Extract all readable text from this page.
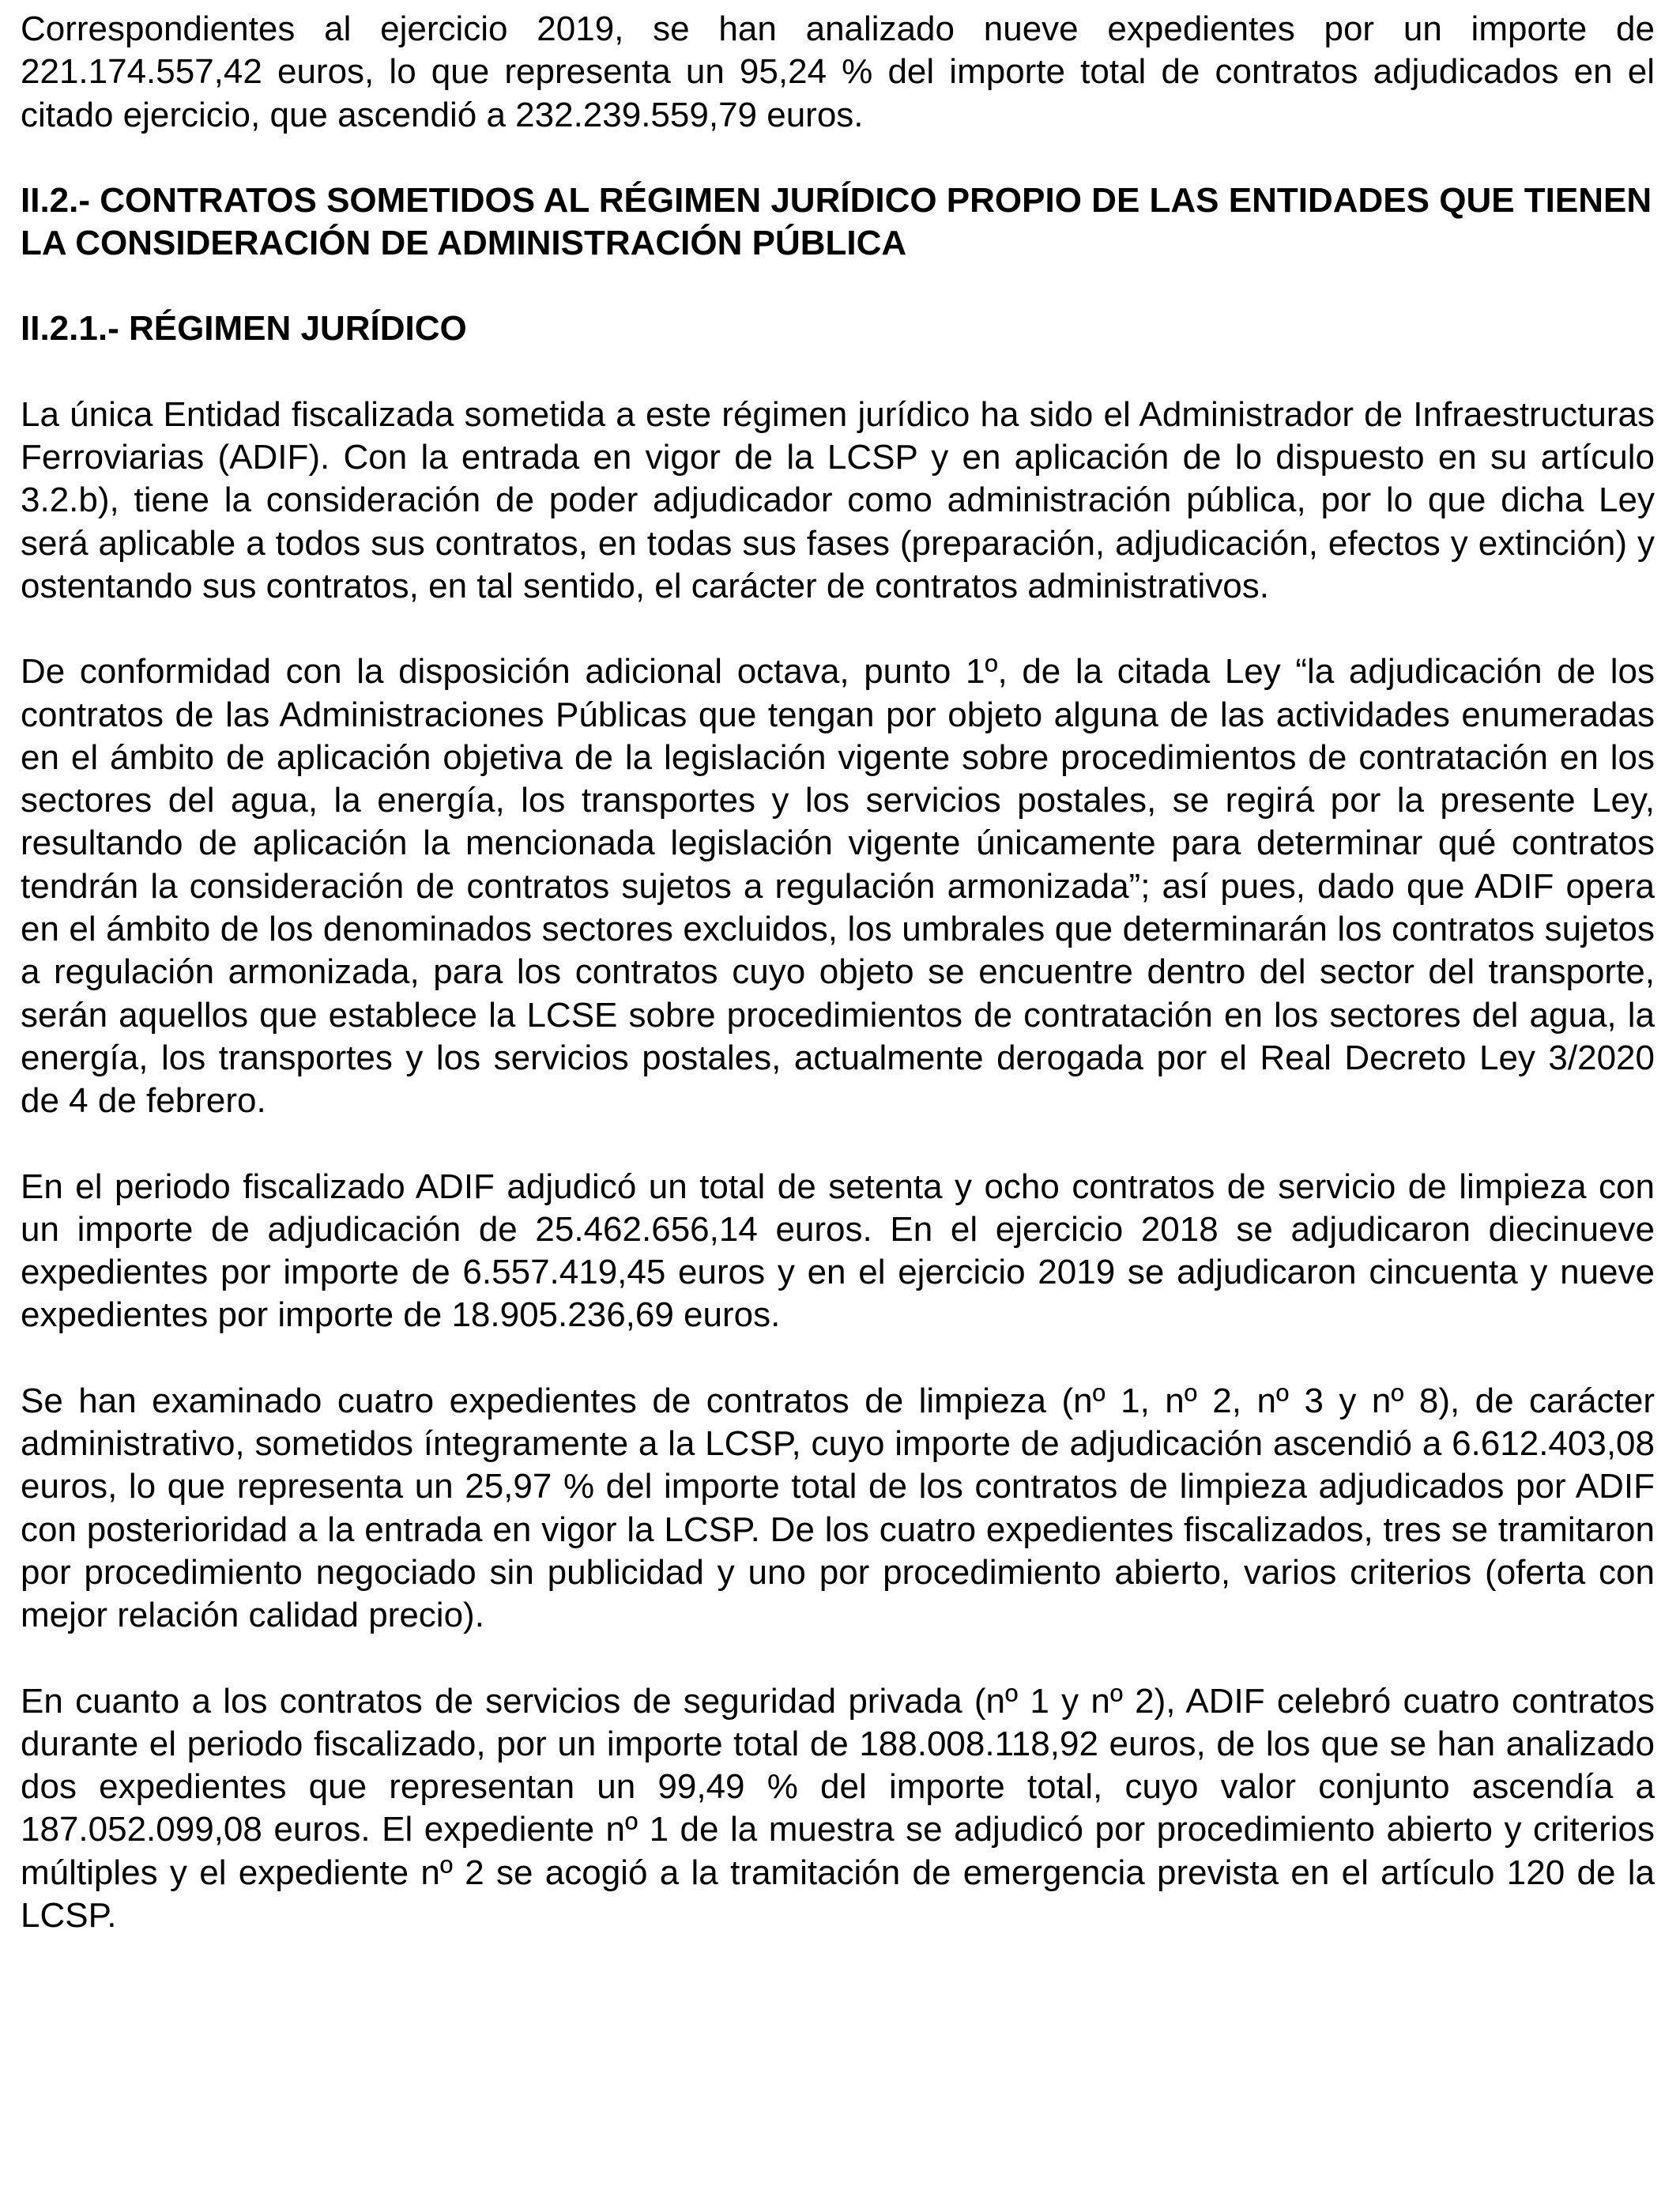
Correspondientes al ejercicio 2019, se han analizado nueve expedientes por un importe de 221.174.557,42 euros, lo que representa un 95,24 % del importe total de contratos adjudicados en el citado ejercicio, que ascendió a 232.239.559,79 euros.

II.2.- CONTRATOS SOMETIDOS AL RÉGIMEN JURÍDICO PROPIO DE LAS ENTIDADES QUE TIENEN LA CONSIDERACIÓN DE ADMINISTRACIÓN PÚBLICA

II.2.1.- RÉGIMEN JURÍDICO

La única Entidad fiscalizada sometida a este régimen jurídico ha sido el Administrador de Infraestructuras Ferroviarias (ADIF). Con la entrada en vigor de la LCSP y en aplicación de lo dispuesto en su artículo 3.2.b), tiene la consideración de poder adjudicador como administración pública, por lo que dicha Ley será aplicable a todos sus contratos, en todas sus fases (preparación, adjudicación, efectos y extinción) y ostentando sus contratos, en tal sentido, el carácter de contratos administrativos.

De conformidad con la disposición adicional octava, punto 1º, de la citada Ley “la adjudicación de los contratos de las Administraciones Públicas que tengan por objeto alguna de las actividades enumeradas en el ámbito de aplicación objetiva de la legislación vigente sobre procedimientos de contratación en los sectores del agua, la energía, los transportes y los servicios postales, se regirá por la presente Ley, resultando de aplicación la mencionada legislación vigente únicamente para determinar qué contratos tendrán la consideración de contratos sujetos a regulación armonizada”; así pues, dado que ADIF opera en el ámbito de los denominados sectores excluidos, los umbrales que determinarán los contratos sujetos a regulación armonizada, para los contratos cuyo objeto se encuentre dentro del sector del transporte, serán aquellos que establece la LCSE sobre procedimientos de contratación en los sectores del agua, la energía, los transportes y los servicios postales, actualmente derogada por el Real Decreto Ley 3/2020 de 4 de febrero.

En el periodo fiscalizado ADIF adjudicó un total de setenta y ocho contratos de servicio de limpieza con un importe de adjudicación de 25.462.656,14 euros. En el ejercicio 2018 se adjudicaron diecinueve expedientes por importe de 6.557.419,45 euros y en el ejercicio 2019 se adjudicaron cincuenta y nueve expedientes por importe de 18.905.236,69 euros.

Se han examinado cuatro expedientes de contratos de limpieza (nº 1, nº 2, nº 3 y nº 8), de carácter administrativo, sometidos íntegramente a la LCSP, cuyo importe de adjudicación ascendió a 6.612.403,08 euros, lo que representa un 25,97 % del importe total de los contratos de limpieza adjudicados por ADIF con posterioridad a la entrada en vigor la LCSP. De los cuatro expedientes fiscalizados, tres se tramitaron por procedimiento negociado sin publicidad y uno por procedimiento abierto, varios criterios (oferta con mejor relación calidad precio).

En cuanto a los contratos de servicios de seguridad privada (nº 1 y nº 2), ADIF celebró cuatro contratos durante el periodo fiscalizado, por un importe total de 188.008.118,92 euros, de los que se han analizado dos expedientes que representan un 99,49 % del importe total, cuyo valor conjunto ascendía a 187.052.099,08 euros. El expediente nº 1 de la muestra se adjudicó por procedimiento abierto y criterios múltiples y el expediente nº 2 se acogió a la tramitación de emergencia prevista en el artículo 120 de la LCSP.
